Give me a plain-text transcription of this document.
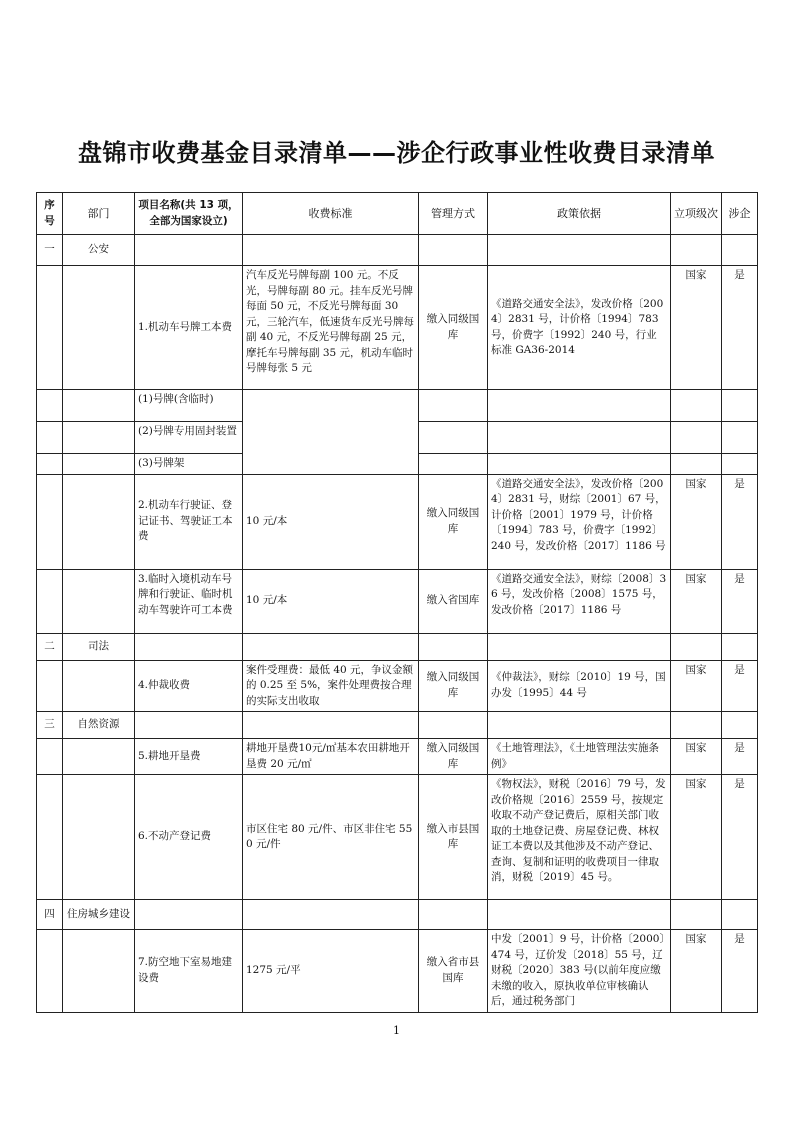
盘锦市收费基金目录清单——涉企行政事业性收费目录清单
序号	部门	项目名称(共 13 项，全部为国家设立)	收费标准	管理方式	政策依据	立项级次	涉企
一	公安						
		1.机动车号牌工本费	汽车反光号牌每副 100 元。不反光，号牌每副 80 元。挂车反光号牌每面 50 元，不反光号牌每面 30 元，三轮汽车，低速货车反光号牌每副 40 元，不反光号牌每副 25 元，摩托车号牌每副 35 元，机动车临时号牌每张 5 元	缴入同级国库	《道路交通安全法》，发改价格〔2004〕2831 号，计价格〔1994〕783 号，价费字〔1992〕240 号，行业标准 GA36-2014	国家	是
		(1)号牌(含临时)					
		(2)号牌专用固封装置					
		(3)号牌架					
		2.机动车行驶证、登记证书、驾驶证工本费	10 元/本	缴入同级国库	《道路交通安全法》，发改价格〔2004〕2831 号，财综〔2001〕67 号，计价格〔2001〕1979 号，计价格〔1994〕783 号，价费字〔1992〕240 号，发改价格〔2017〕1186 号	国家	是
		3.临时入境机动车号牌和行驶证、临时机动车驾驶许可工本费	10 元/本	缴入省国库	《道路交通安全法》，财综〔2008〕36 号，发改价格〔2008〕1575 号，发改价格〔2017〕1186 号	国家	是
二	司法						
		4.仲裁收费	案件受理费：最低 40 元，争议金额的 0.25 至 5%，案件处理费按合理的实际支出收取	缴入同级国库	《仲裁法》，财综〔2010〕19 号，国办发〔1995〕44 号	国家	是
三	自然资源						
		5.耕地开垦费	耕地开垦费10元/㎡基本农田耕地开垦费 20 元/㎡	缴入同级国库	《土地管理法》，《土地管理法实施条例》	国家	是
		6.不动产登记费	市区住宅 80 元/件、市区非住宅 550 元/件	缴入市县国库	《物权法》，财税〔2016〕79 号，发改价格规〔2016〕2559 号，按规定收取不动产登记费后，原相关部门收取的土地登记费、房屋登记费、林权证工本费以及其他涉及不动产登记、查询、复制和证明的收费项目一律取消，财税〔2019〕45 号。	国家	是
四	住房城乡建设						
		7.防空地下室易地建设费	1275 元/平	缴入省市县国库	中发〔2001〕9 号，计价格〔2000〕474 号，辽价发〔2018〕55 号，辽财税〔2020〕383 号(以前年度应缴未缴的收入，原执收单位审核确认后，通过税务部门	国家	是
1
